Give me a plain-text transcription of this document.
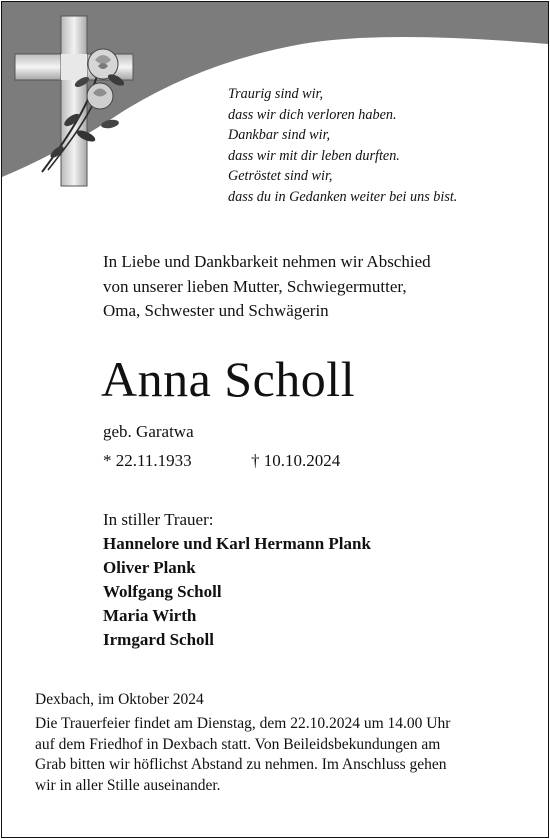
Traurig sind wir,
dass wir dich verloren haben.
Dankbar sind wir,
dass wir mit dir leben durften.
Getröstet sind wir,
dass du in Gedanken weiter bei uns bist.
In Liebe und Dankbarkeit nehmen wir Abschied
von unserer lieben Mutter, Schwiegermutter,
Oma, Schwester und Schwägerin
Anna Scholl
geb. Garatwa
* 22.11.1933	† 10.10.2024
In stiller Trauer:
Hannelore und Karl Hermann Plank
Oliver Plank
Wolfgang Scholl
Maria Wirth
Irmgard Scholl
Dexbach, im Oktober 2024
Die Trauerfeier findet am Dienstag, dem 22.10.2024 um 14.00 Uhr
auf dem Friedhof in Dexbach statt. Von Beileidsbekundungen am
Grab bitten wir höflichst Abstand zu nehmen. Im Anschluss gehen
wir in aller Stille auseinander.
